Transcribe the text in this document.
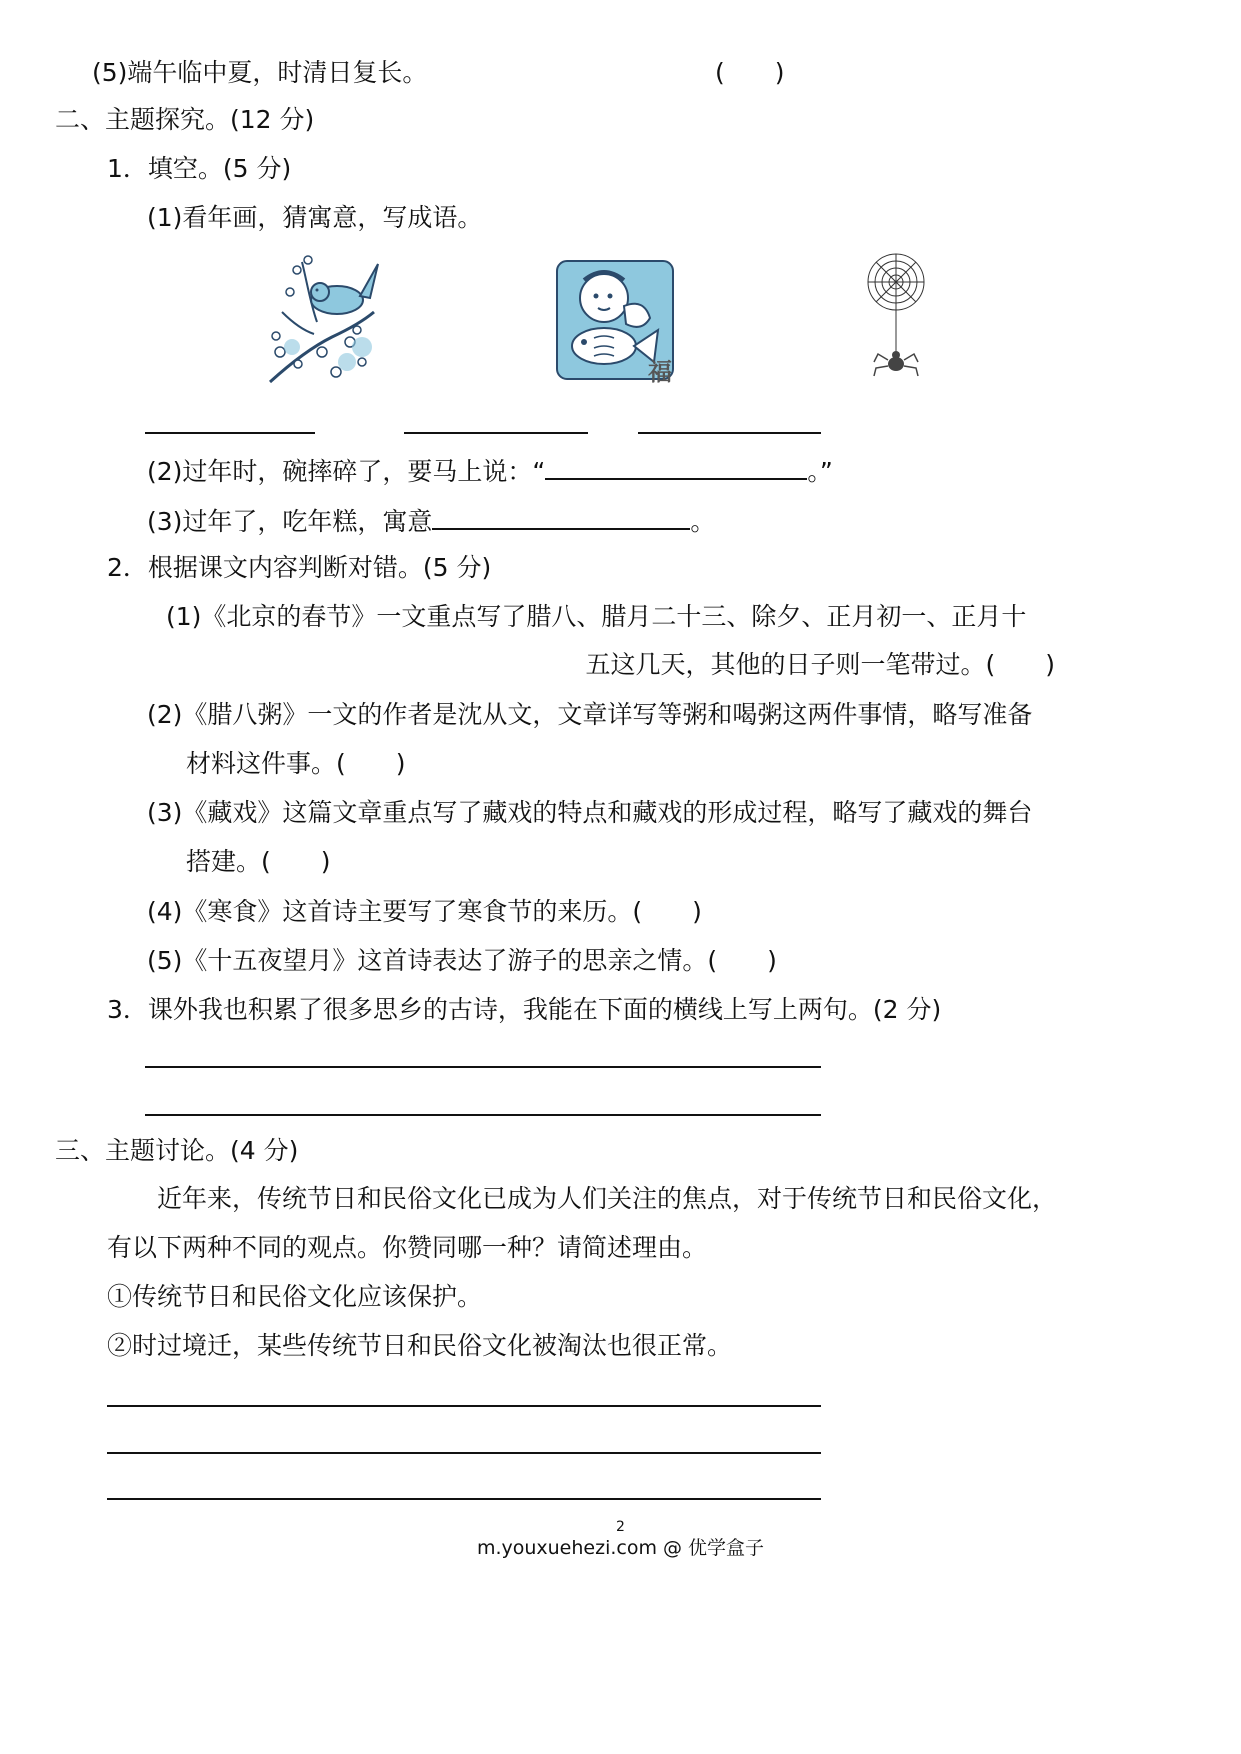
(5)端午临中夏，时清日复长。	(　　)
二、主题探究。(12 分)
1．填空。(5 分)
(1)看年画，猜寓意，写成语。
福
(2)过年时，碗摔碎了，要马上说：“	。”
(3)过年了，吃年糕，寓意	。
2．根据课文内容判断对错。(5 分)
(1)《北京的春节》一文重点写了腊八、腊月二十三、除夕、正月初一、正月十
五这几天，其他的日子则一笔带过。(　　)
(2)《腊八粥》一文的作者是沈从文，文章详写等粥和喝粥这两件事情，略写准备
材料这件事。(　　)
(3)《藏戏》这篇文章重点写了藏戏的特点和藏戏的形成过程，略写了藏戏的舞台
搭建。(　　)
(4)《寒食》这首诗主要写了寒食节的来历。(　　)
(5)《十五夜望月》这首诗表达了游子的思亲之情。(　　)
3．课外我也积累了很多思乡的古诗，我能在下面的横线上写上两句。(2 分)
三、主题讨论。(4 分)
近年来，传统节日和民俗文化已成为人们关注的焦点，对于传统节日和民俗文化，
有以下两种不同的观点。你赞同哪一种？请简述理由。
①传统节日和民俗文化应该保护。
②时过境迁，某些传统节日和民俗文化被淘汰也很正常。
2
m.youxuehezi.com @ 优学盒子
